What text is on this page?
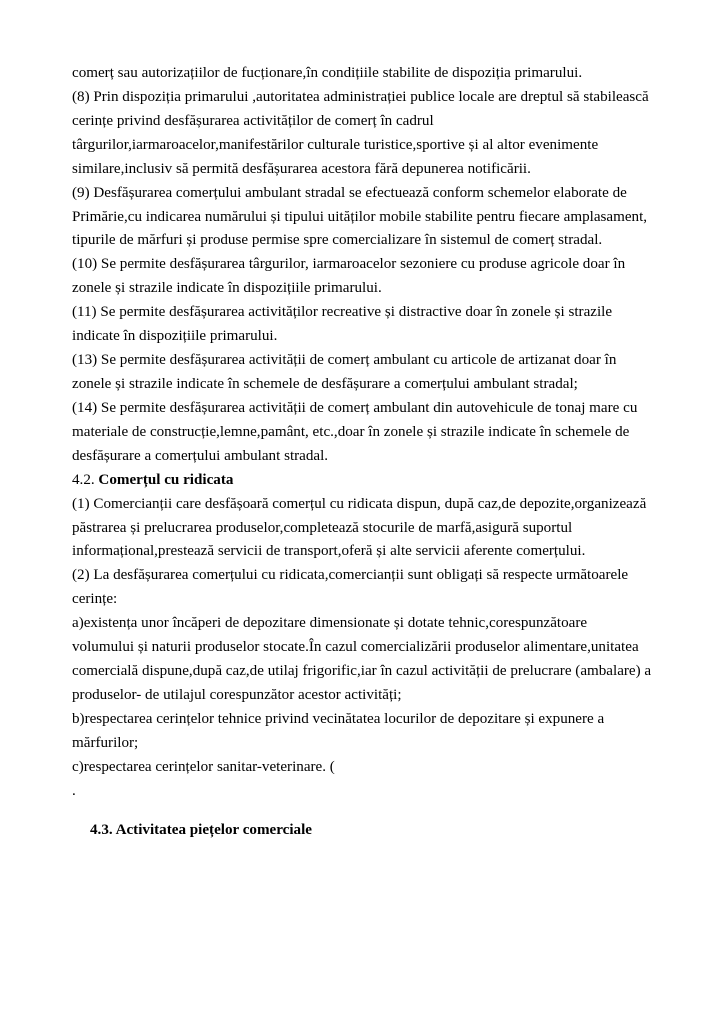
comerț sau autorizațiilor de fucționare,în condițiile stabilite de dispoziția primarului.

(8) Prin dispoziția primarului ,autoritatea administrației publice locale are dreptul să stabilească cerințe privind desfășurarea activităților de comerț în cadrul târgurilor,iarmaroacelor,manifestărilor culturale turistice,sportive și al altor evenimente similare,inclusiv să permită desfășurarea acestora fără depunerea notificării.

(9) Desfășurarea comerțului ambulant stradal se efectuează conform schemelor elaborate de Primărie,cu indicarea numărului și tipului uităților mobile stabilite pentru fiecare amplasament, tipurile de mărfuri și produse permise spre comercializare în sistemul de comerț stradal.

(10) Se permite desfășurarea târgurilor, iarmaroacelor sezoniere cu produse agricole doar în zonele și strazile indicate în dispozițiile primarului.

(11) Se permite desfășurarea activităților recreative și distractive doar în zonele și strazile indicate în dispozițiile primarului.

(13) Se permite desfășurarea activității de comerț ambulant cu articole de artizanat doar în zonele și strazile indicate în schemele de desfășurare a comerțului ambulant stradal;

(14) Se permite desfășurarea activității de comerț ambulant din autovehicule de tonaj mare cu materiale de construcție,lemne,pamânt, etc.,doar în zonele și strazile indicate în schemele de desfășurare a comerțului ambulant stradal.

4.2. Comerțul cu ridicata

(1) Comercianții care desfășoară comerțul cu ridicata dispun, după caz,de depozite,organizează păstrarea și prelucrarea produselor,completează stocurile de marfă,asigură suportul informațional,prestează servicii de transport,oferă și alte servicii aferente comerțului.

(2) La desfășurarea comerțului cu ridicata,comercianții sunt obligați să respecte următoarele cerințe:

a)existența unor încăperi de depozitare dimensionate și dotate tehnic,corespunzătoare volumului și naturii produselor stocate.În cazul comercializării produselor alimentare,unitatea comercială dispune,după caz,de utilaj frigorific,iar în cazul activității de prelucrare (ambalare) a produselor- de utilajul corespunzător acestor activități;

b)respectarea cerințelor tehnice privind vecinătatea locurilor de depozitare și expunere a mărfurilor;

c)respectarea cerințelor sanitar-veterinare. (

.

4.3. Activitatea piețelor comerciale
